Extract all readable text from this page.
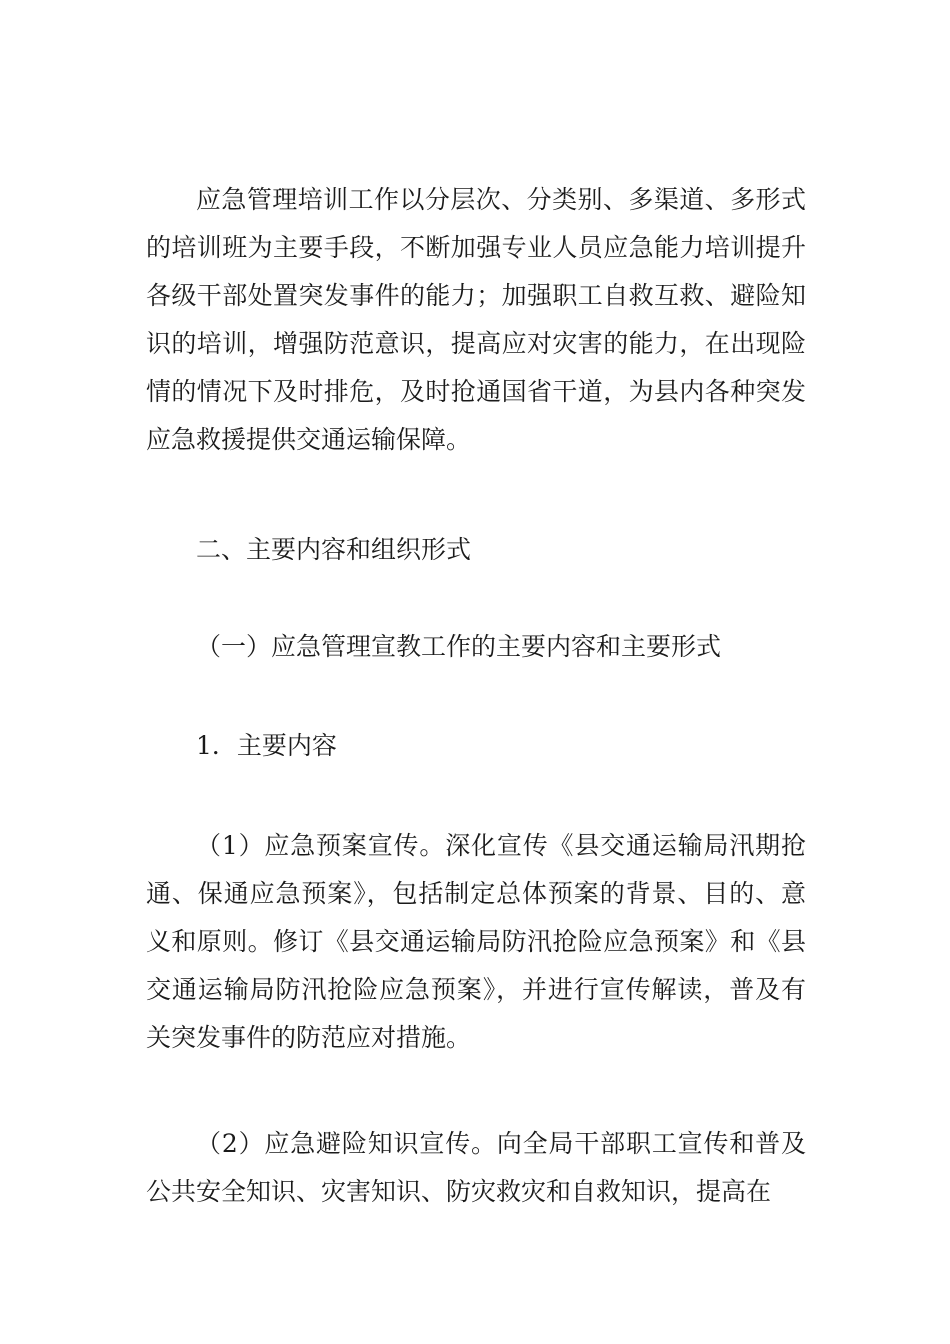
应急管理培训工作以分层次、分类别、多渠道、多形式的培训班为主要手段，不断加强专业人员应急能力培训提升各级干部处置突发事件的能力；加强职工自救互救、避险知识的培训，增强防范意识，提高应对灾害的能力，在出现险情的情况下及时排危，及时抢通国省干道，为县内各种突发应急救援提供交通运输保障。

二、主要内容和组织形式

（一）应急管理宣教工作的主要内容和主要形式

1．主要内容

（1）应急预案宣传。深化宣传《县交通运输局汛期抢通、保通应急预案》，包括制定总体预案的背景、目的、意义和原则。修订《县交通运输局防汛抢险应急预案》和《县交通运输局防汛抢险应急预案》，并进行宣传解读，普及有关突发事件的防范应对措施。

（2）应急避险知识宣传。向全局干部职工宣传和普及公共安全知识、灾害知识、防灾救灾和自救知识，提高在
